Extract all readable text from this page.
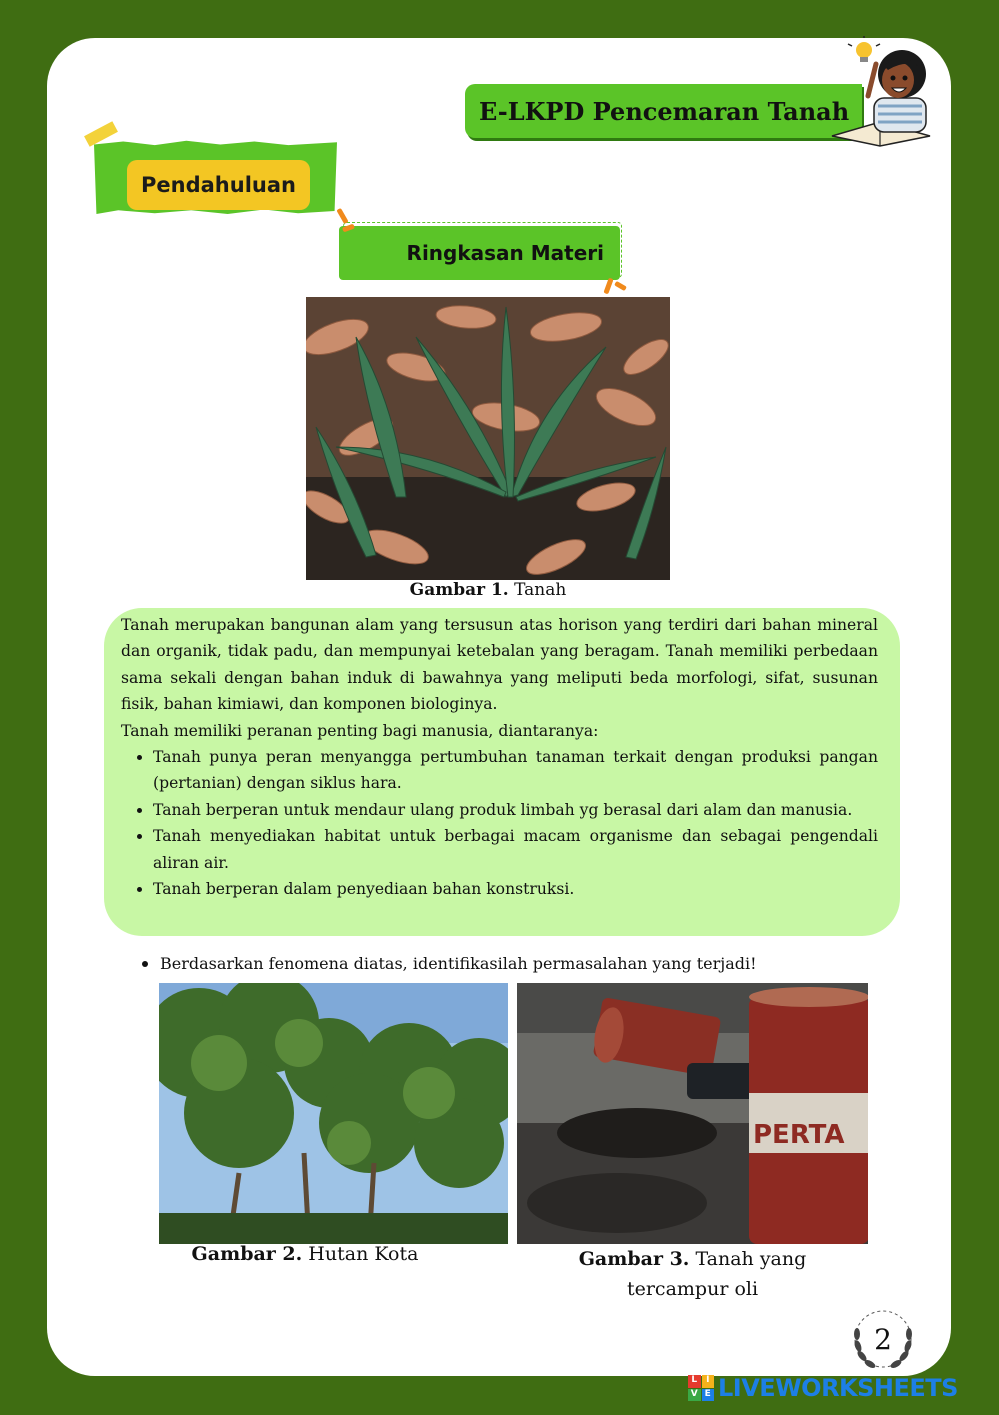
E-LKPD Pencemaran Tanah
Pendahuluan
Ringkasan Materi
Gambar 1. Tanah

Tanah merupakan bangunan alam yang tersusun atas horison yang terdiri dari bahan mineral dan organik, tidak padu, dan mempunyai ketebalan yang beragam. Tanah memiliki perbedaan sama sekali dengan bahan induk di bawahnya yang meliputi beda morfologi, sifat, susunan fisik, bahan kimiawi, dan komponen biologinya.

Tanah memiliki peranan penting bagi manusia, diantaranya:

• Tanah punya peran menyangga pertumbuhan tanaman terkait dengan produksi pangan (pertanian) dengan siklus hara.
• Tanah berperan untuk mendaur ulang produk limbah yg berasal dari alam dan manusia.
• Tanah menyediakan habitat untuk berbagai macam organisme dan sebagai pengendali aliran air.
• Tanah berperan dalam penyediaan bahan konstruksi.
Berdasarkan fenomena diatas, identifikasilah permasalahan yang terjadi!
Gambar 2. Hutan Kota
PERTA
Gambar 3. Tanah yang
tercampur oli
2
L I
V E LIVEWORKSHEETS
